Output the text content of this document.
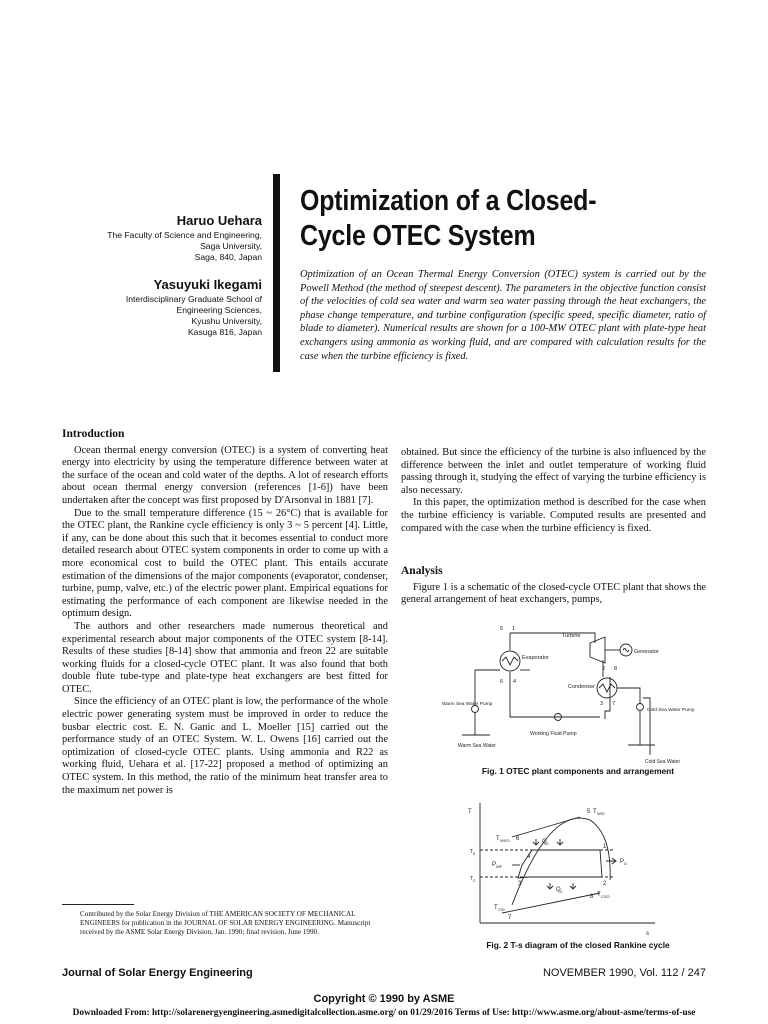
Haruo Uehara
The Faculty of Science and Engineering,
Saga University,
Saga, 840, Japan
Yasuyuki Ikegami
Interdisciplinary Graduate School of
Engineering Sciences,
Kyushu University,
Kasuga 816, Japan
Optimization of a Closed-Cycle OTEC System

Optimization of an Ocean Thermal Energy Conversion (OTEC) system is carried out by the Powell Method (the method of steepest descent). The parameters in the objective function consist of the velocities of cold sea water and warm sea water passing through the heat exchangers, the phase change temperature, and turbine configuration (specific speed, specific diameter, ratio of blade to diameter). Numerical results are shown for a 100-MW OTEC plant with plate-type heat exchangers using ammonia as working fluid, and are compared with calculation results for the case when the turbine efficiency is fixed.

Introduction

Ocean thermal energy conversion (OTEC) is a system of converting heat energy into electricity by using the temperature difference between water at the surface of the ocean and cold water of the depths. A lot of research efforts about ocean thermal energy conversion (references [1-6]) have been undertaken after the concept was first proposed by D'Arsonval in 1881 [7].

Due to the small temperature difference (15 ~ 26°C) that is available for the OTEC plant, the Rankine cycle efficiency is only 3 ~ 5 percent [4]. Little, if any, can be done about this such that it becomes essential to conduct more detailed research about OTEC system components in order to come up with a more economical cost to build the OTEC plant. This entails accurate estimation of the dimensions of the major components (evaporator, condenser, turbine, pump, valve, etc.) of the electric power plant. Empirical equations for estimating the performance of each component are likewise needed in the optimum design.

The authors and other researchers made numerous theoretical and experimental research about major components of the OTEC system [8-14]. Results of these studies [8-14] show that ammonia and freon 22 are suitable working fluids for a closed-cycle OTEC plant. It was also found that both double flute tube-type and plate-type heat exchangers are best fitted for OTEC.

Since the efficiency of an OTEC plant is low, the performance of the whole electric power generating system must be improved in order to reduce the busbar electric cost. E. N. Ganic and L. Moeller [15] carried out the performance study of an OTEC System. W. L. Owens [16] carried out the optimization of closed-cycle OTEC plants. Using ammonia and R22 as working fluid, Uehara et al. [17-22] proposed a method of optimizing an OTEC system. In this method, the ratio of the minimum heat transfer area to the maximum net power is

obtained. But since the efficiency of the turbine is also influenced by the difference between the inlet and outlet temperature of working fluid passing through it, studying the effect of varying the turbine efficiency is also necessary.

In this paper, the optimization method is described for the case when the turbine efficiency is variable. Computed results are presented and compared with the case when the turbine efficiency is fixed.

Analysis

Figure 1 is a schematic of the closed-cycle OTEC plant that shows the general arrangement of heat exchangers, pumps,

Turbine
Generator
Evaporator
Condenser
Working Fluid Pump
Warm Sea Water
Cold Sea Water
Warm Sea Water Pump
Cold Sea Water Pump
1
2
3
4
5
6
7
8
Fig. 1 OTEC plant components and arrangement
T
s
5 T WSI
T WSO 6	Q E
1
P G
4
P WF
3	2
Q C
8 T CSO
T CSI
7
T E
T C
Fig. 2 T-s diagram of the closed Rankine cycle
Contributed by the Solar Energy Division of THE AMERICAN SOCIETY OF MECHANICAL ENGINEERS for publication in the JOURNAL OF SOLAR ENERGY ENGINEERING. Manuscript received by the ASME Solar Energy Division, Jan. 1990; final revision, June 1990.
Journal of Solar Energy Engineering	NOVEMBER 1990, Vol. 112 / 247
Copyright © 1990 by ASME
Downloaded From: http://solarenergyengineering.asmedigitalcollection.asme.org/ on 01/29/2016 Terms of Use: http://www.asme.org/about-asme/terms-of-use
